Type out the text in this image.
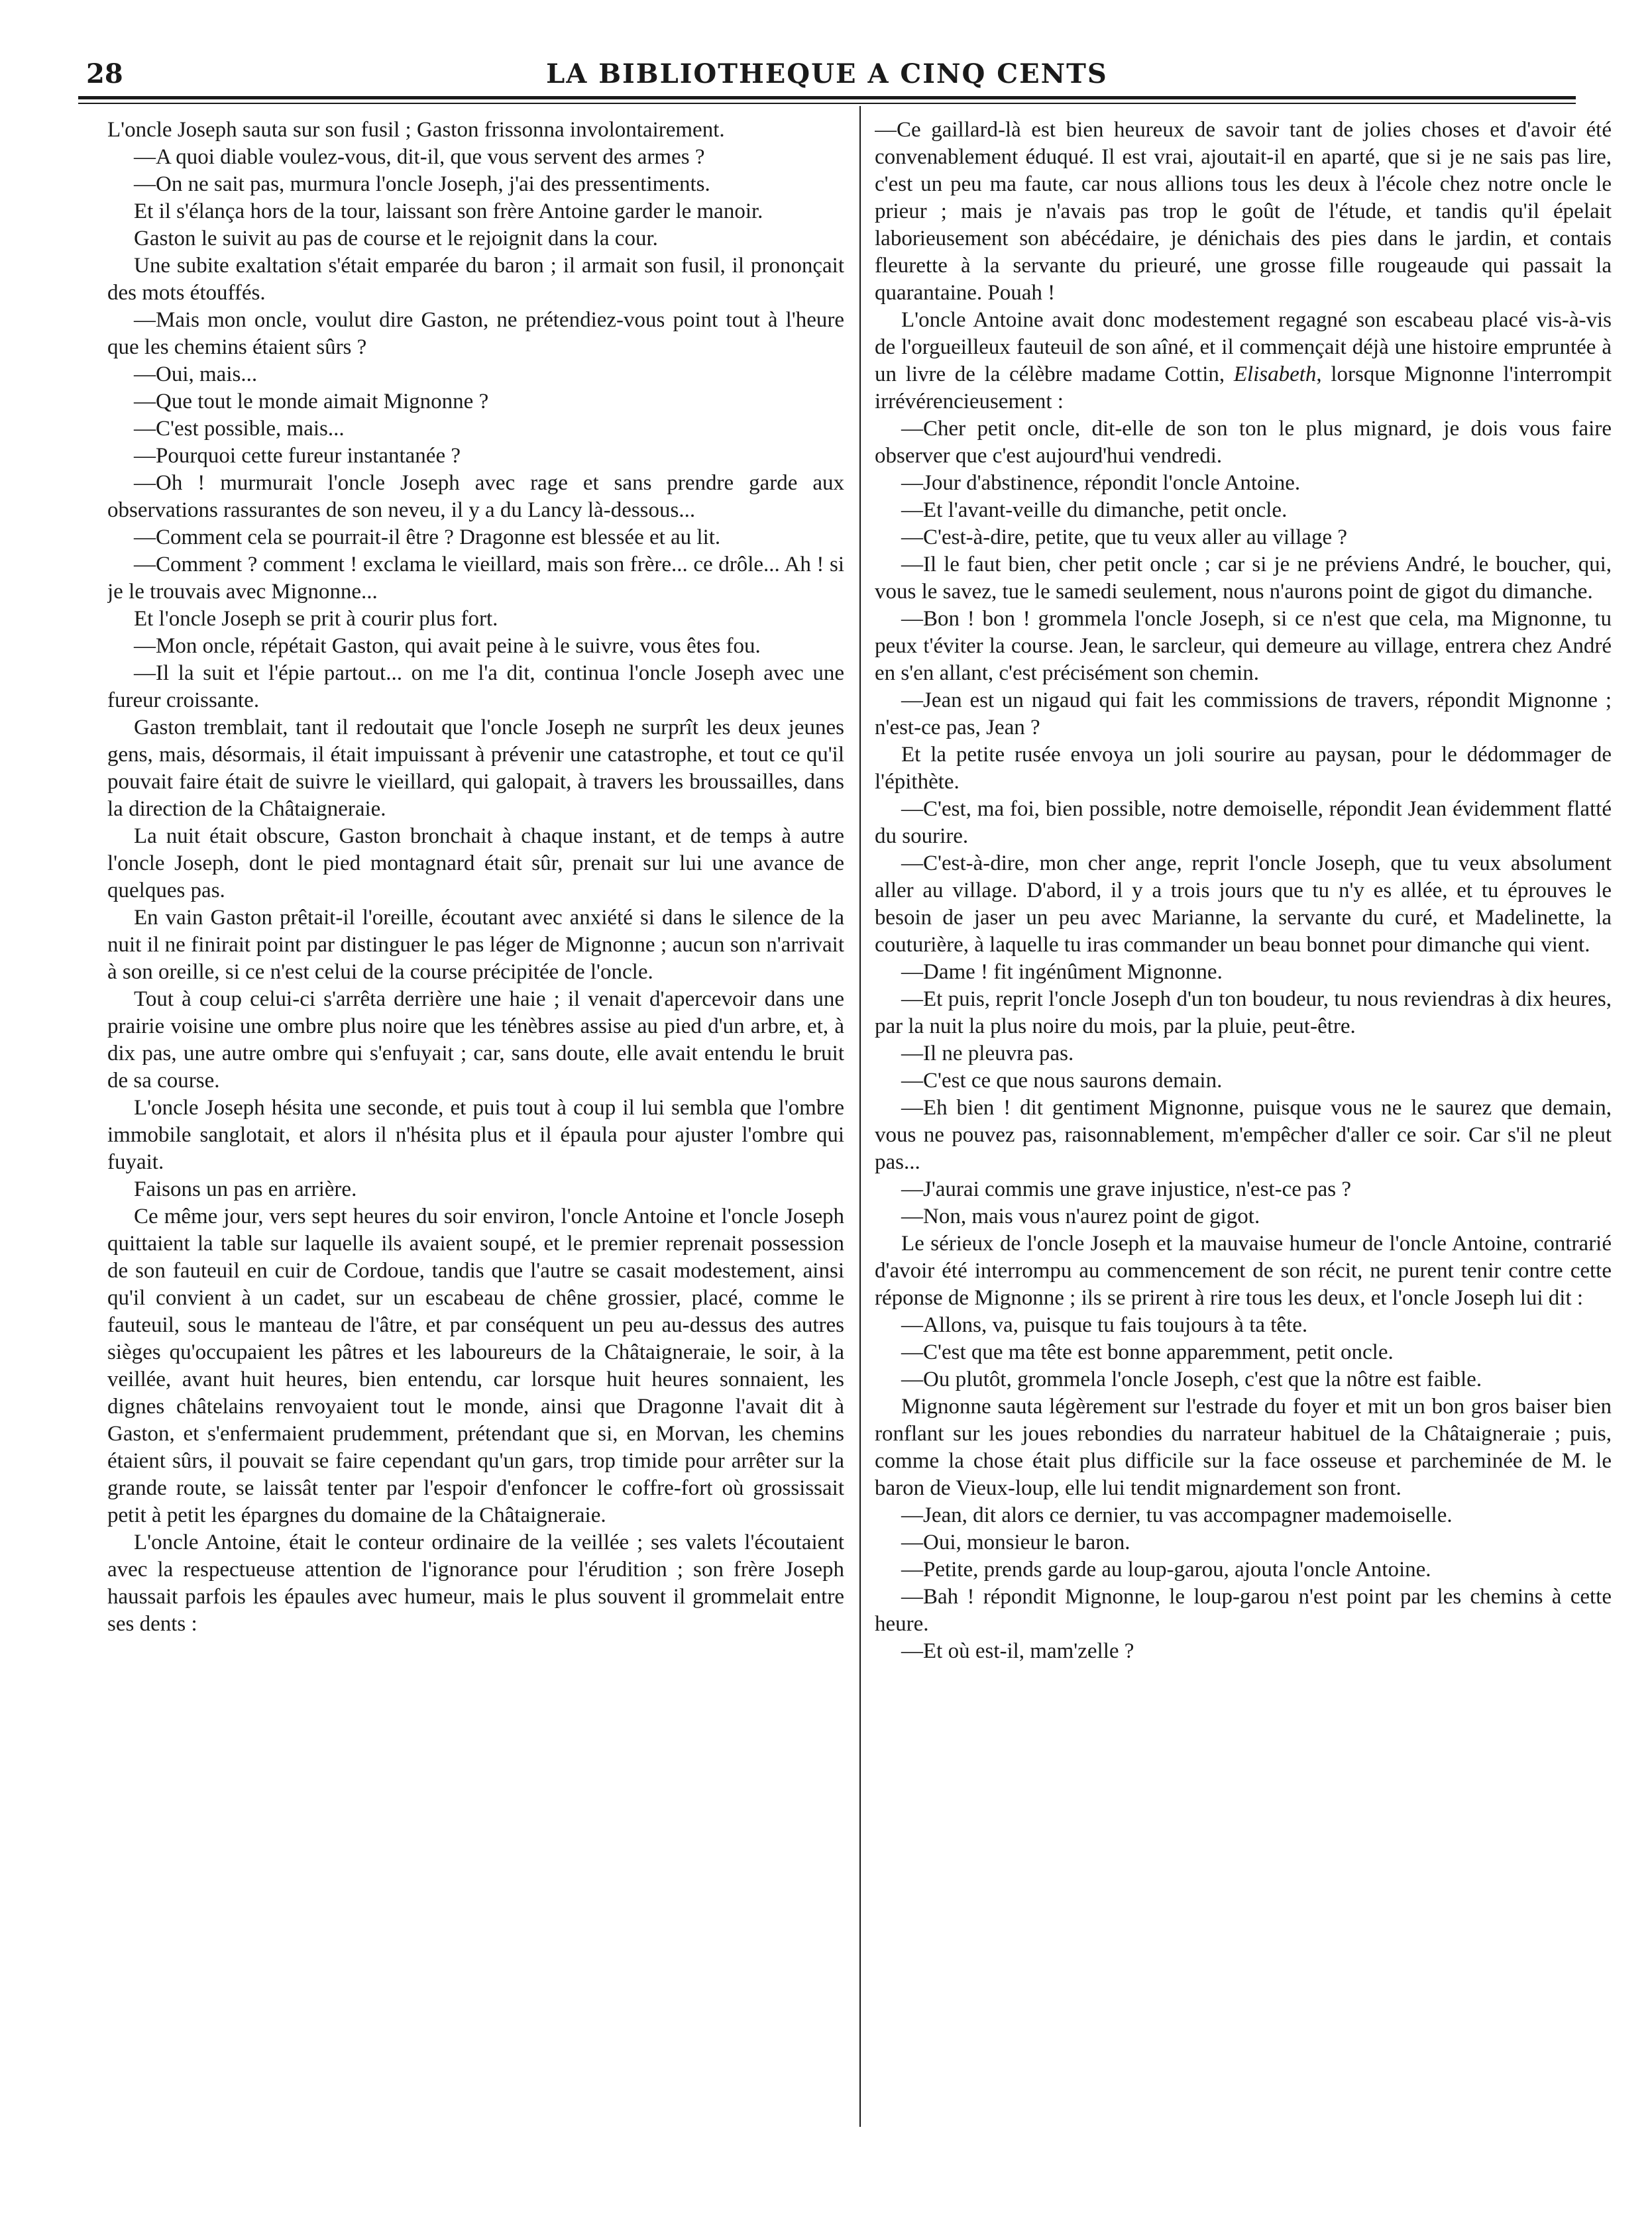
28	LA BIBLIOTHEQUE A CINQ CENTS

L'oncle Joseph sauta sur son fusil ; Gaston frissonna involontairement.

—A quoi diable voulez-vous, dit-il, que vous servent des armes ?

—On ne sait pas, murmura l'oncle Joseph, j'ai des pressentiments.

Et il s'élança hors de la tour, laissant son frère Antoine garder le manoir.

Gaston le suivit au pas de course et le rejoignit dans la cour.

Une subite exaltation s'était emparée du baron ; il armait son fusil, il prononçait des mots étouffés.

—Mais mon oncle, voulut dire Gaston, ne prétendiez-vous point tout à l'heure que les chemins étaient sûrs ?

—Oui, mais...

—Que tout le monde aimait Mignonne ?

—C'est possible, mais...

—Pourquoi cette fureur instantanée ?

—Oh ! murmurait l'oncle Joseph avec rage et sans prendre garde aux observations rassurantes de son neveu, il y a du Lancy là-dessous...

—Comment cela se pourrait-il être ? Dragonne est blessée et au lit.

—Comment ? comment ! exclama le vieillard, mais son frère... ce drôle... Ah ! si je le trouvais avec Mignonne...

Et l'oncle Joseph se prit à courir plus fort.

—Mon oncle, répétait Gaston, qui avait peine à le suivre, vous êtes fou.

—Il la suit et l'épie partout... on me l'a dit, continua l'oncle Joseph avec une fureur croissante.

Gaston tremblait, tant il redoutait que l'oncle Joseph ne surprît les deux jeunes gens, mais, désormais, il était impuissant à prévenir une catastrophe, et tout ce qu'il pouvait faire était de suivre le vieillard, qui galopait, à travers les broussailles, dans la direction de la Châtaigneraie.

La nuit était obscure, Gaston bronchait à chaque instant, et de temps à autre l'oncle Joseph, dont le pied montagnard était sûr, prenait sur lui une avance de quelques pas.

En vain Gaston prêtait-il l'oreille, écoutant avec anxiété si dans le silence de la nuit il ne finirait point par distinguer le pas léger de Mignonne ; aucun son n'arrivait à son oreille, si ce n'est celui de la course précipitée de l'oncle.

Tout à coup celui-ci s'arrêta derrière une haie ; il venait d'apercevoir dans une prairie voisine une ombre plus noire que les ténèbres assise au pied d'un arbre, et, à dix pas, une autre ombre qui s'enfuyait ; car, sans doute, elle avait entendu le bruit de sa course.

L'oncle Joseph hésita une seconde, et puis tout à coup il lui sembla que l'ombre immobile sanglotait, et alors il n'hésita plus et il épaula pour ajuster l'ombre qui fuyait.

Faisons un pas en arrière.

Ce même jour, vers sept heures du soir environ, l'oncle Antoine et l'oncle Joseph quittaient la table sur laquelle ils avaient soupé, et le premier reprenait possession de son fauteuil en cuir de Cordoue, tandis que l'autre se casait modestement, ainsi qu'il convient à un cadet, sur un escabeau de chêne grossier, placé, comme le fauteuil, sous le manteau de l'âtre, et par conséquent un peu au-dessus des autres sièges qu'occupaient les pâtres et les laboureurs de la Châtaigneraie, le soir, à la veillée, avant huit heures, bien entendu, car lorsque huit heures sonnaient, les dignes châtelains renvoyaient tout le monde, ainsi que Dragonne l'avait dit à Gaston, et s'enfermaient prudemment, prétendant que si, en Morvan, les chemins étaient sûrs, il pouvait se faire cependant qu'un gars, trop timide pour arrêter sur la grande route, se laissât tenter par l'espoir d'enfoncer le coffre-fort où grossissait petit à petit les épargnes du domaine de la Châtaigneraie.

L'oncle Antoine, était le conteur ordinaire de la veillée ; ses valets l'écoutaient avec la respectueuse attention de l'ignorance pour l'érudition ; son frère Joseph haussait parfois les épaules avec humeur, mais le plus souvent il grommelait entre ses dents :

—Ce gaillard-là est bien heureux de savoir tant de jolies choses et d'avoir été convenablement éduqué. Il est vrai, ajoutait-il en aparté, que si je ne sais pas lire, c'est un peu ma faute, car nous allions tous les deux à l'école chez notre oncle le prieur ; mais je n'avais pas trop le goût de l'étude, et tandis qu'il épelait laborieusement son abécédaire, je dénichais des pies dans le jardin, et contais fleurette à la servante du prieuré, une grosse fille rougeaude qui passait la quarantaine. Pouah !

L'oncle Antoine avait donc modestement regagné son escabeau placé vis-à-vis de l'orgueilleux fauteuil de son aîné, et il commençait déjà une histoire empruntée à un livre de la célèbre madame Cottin, Elisabeth, lorsque Mignonne l'interrompit irrévérencieusement :

—Cher petit oncle, dit-elle de son ton le plus mignard, je dois vous faire observer que c'est aujourd'hui vendredi.

—Jour d'abstinence, répondit l'oncle Antoine.

—Et l'avant-veille du dimanche, petit oncle.

—C'est-à-dire, petite, que tu veux aller au village ?

—Il le faut bien, cher petit oncle ; car si je ne préviens André, le boucher, qui, vous le savez, tue le samedi seulement, nous n'aurons point de gigot du dimanche.

—Bon ! bon ! grommela l'oncle Joseph, si ce n'est que cela, ma Mignonne, tu peux t'éviter la course. Jean, le sarcleur, qui demeure au village, entrera chez André en s'en allant, c'est précisément son chemin.

—Jean est un nigaud qui fait les commissions de travers, répondit Mignonne ; n'est-ce pas, Jean ?

Et la petite rusée envoya un joli sourire au paysan, pour le dédommager de l'épithète.

—C'est, ma foi, bien possible, notre demoiselle, répondit Jean évidemment flatté du sourire.

—C'est-à-dire, mon cher ange, reprit l'oncle Joseph, que tu veux absolument aller au village. D'abord, il y a trois jours que tu n'y es allée, et tu éprouves le besoin de jaser un peu avec Marianne, la servante du curé, et Madelinette, la couturière, à laquelle tu iras commander un beau bonnet pour dimanche qui vient.

—Dame ! fit ingénûment Mignonne.

—Et puis, reprit l'oncle Joseph d'un ton boudeur, tu nous reviendras à dix heures, par la nuit la plus noire du mois, par la pluie, peut-être.

—Il ne pleuvra pas.

—C'est ce que nous saurons demain.

—Eh bien ! dit gentiment Mignonne, puisque vous ne le saurez que demain, vous ne pouvez pas, raisonnablement, m'empêcher d'aller ce soir. Car s'il ne pleut pas...

—J'aurai commis une grave injustice, n'est-ce pas ?

—Non, mais vous n'aurez point de gigot.

Le sérieux de l'oncle Joseph et la mauvaise humeur de l'oncle Antoine, contrarié d'avoir été interrompu au commencement de son récit, ne purent tenir contre cette réponse de Mignonne ; ils se prirent à rire tous les deux, et l'oncle Joseph lui dit :

—Allons, va, puisque tu fais toujours à ta tête.

—C'est que ma tête est bonne apparemment, petit oncle.

—Ou plutôt, grommela l'oncle Joseph, c'est que la nôtre est faible.

Mignonne sauta légèrement sur l'estrade du foyer et mit un bon gros baiser bien ronflant sur les joues rebondies du narrateur habituel de la Châtaigneraie ; puis, comme la chose était plus difficile sur la face osseuse et parcheminée de M. le baron de Vieux-loup, elle lui tendit mignardement son front.

—Jean, dit alors ce dernier, tu vas accompagner mademoiselle.

—Oui, monsieur le baron.

—Petite, prends garde au loup-garou, ajouta l'oncle Antoine.

—Bah ! répondit Mignonne, le loup-garou n'est point par les chemins à cette heure.

—Et où est-il, mam'zelle ?
